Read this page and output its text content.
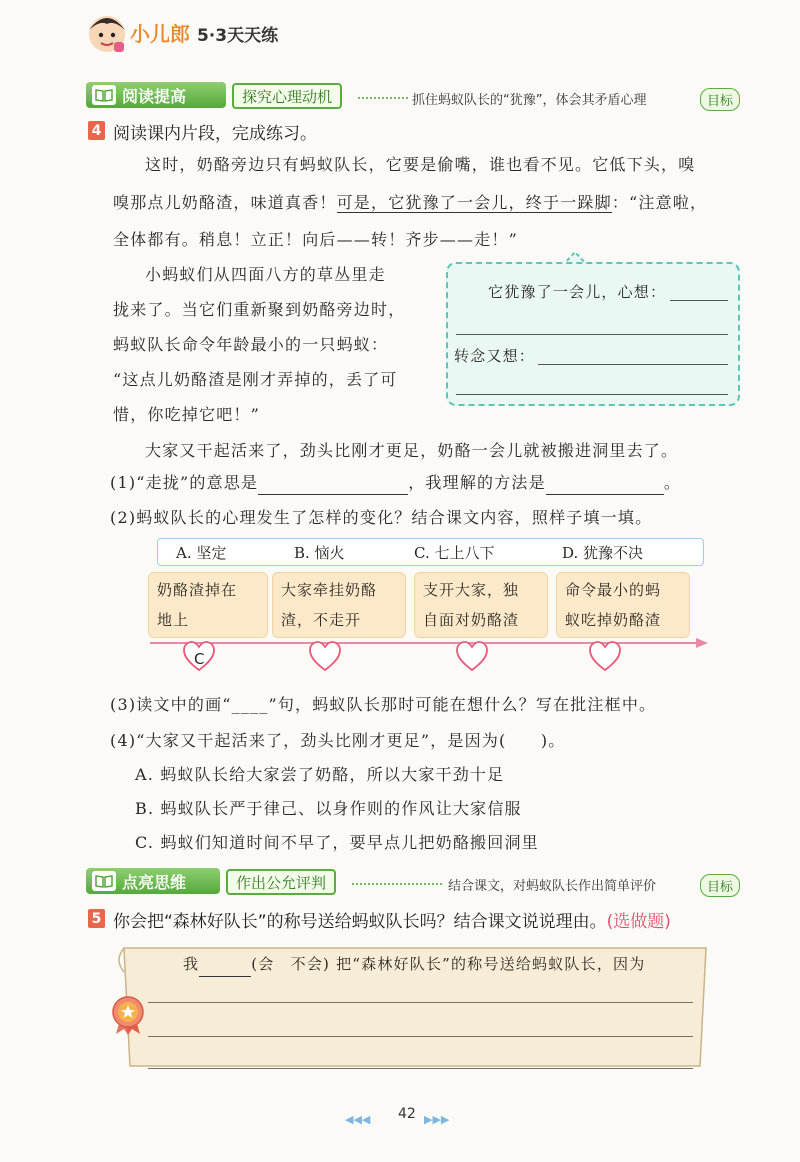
小儿郎 5·3天天练
阅读提高	探究心理动机	抓住蚂蚁队长的“犹豫”，体会其矛盾心理	目标
4 阅读课内片段，完成练习。
这时，奶酪旁边只有蚂蚁队长，它要是偷嘴，谁也看不见。它低下头，嗅
嗅那点儿奶酪渣，味道真香！可是，它犹豫了一会儿，终于一跺脚：“注意啦，
全体都有。稍息！立正！向后——转！齐步——走！”
小蚂蚁们从四面八方的草丛里走
拢来了。当它们重新聚到奶酪旁边时，
蚂蚁队长命令年龄最小的一只蚂蚁：
“这点儿奶酪渣是刚才弄掉的，丢了可
惜，你吃掉它吧！”
它犹豫了一会儿，心想：
转念又想：
大家又干起活来了，劲头比刚才更足，奶酪一会儿就被搬进洞里去了。
(1)“走拢”的意思是	，我理解的方法是	。
(2)蚂蚁队长的心理发生了怎样的变化？结合课文内容，照样子填一填。
A. 坚定	B. 恼火	C. 七上八下	D. 犹豫不决
奶酪渣掉在
地上
大家牵挂奶酪
渣，不走开
支开大家，独
自面对奶酪渣
命令最小的蚂
蚁吃掉奶酪渣
C
(3)读文中的画“____”句，蚂蚁队长那时可能在想什么？写在批注框中。
(4)“大家又干起活来了，劲头比刚才更足”，是因为(　　)。
A. 蚂蚁队长给大家尝了奶酪，所以大家干劲十足
B. 蚂蚁队长严于律己、以身作则的作风让大家信服
C. 蚂蚁们知道时间不早了，要早点儿把奶酪搬回洞里
点亮思维	作出公允评判	结合课文，对蚂蚁队长作出简单评价	目标
5 你会把“森林好队长”的称号送给蚂蚁队长吗？结合课文说说理由。(选做题)
我	(会　不会) 把“森林好队长”的称号送给蚂蚁队长，因为
◀◀◀ 42 ▶▶▶
